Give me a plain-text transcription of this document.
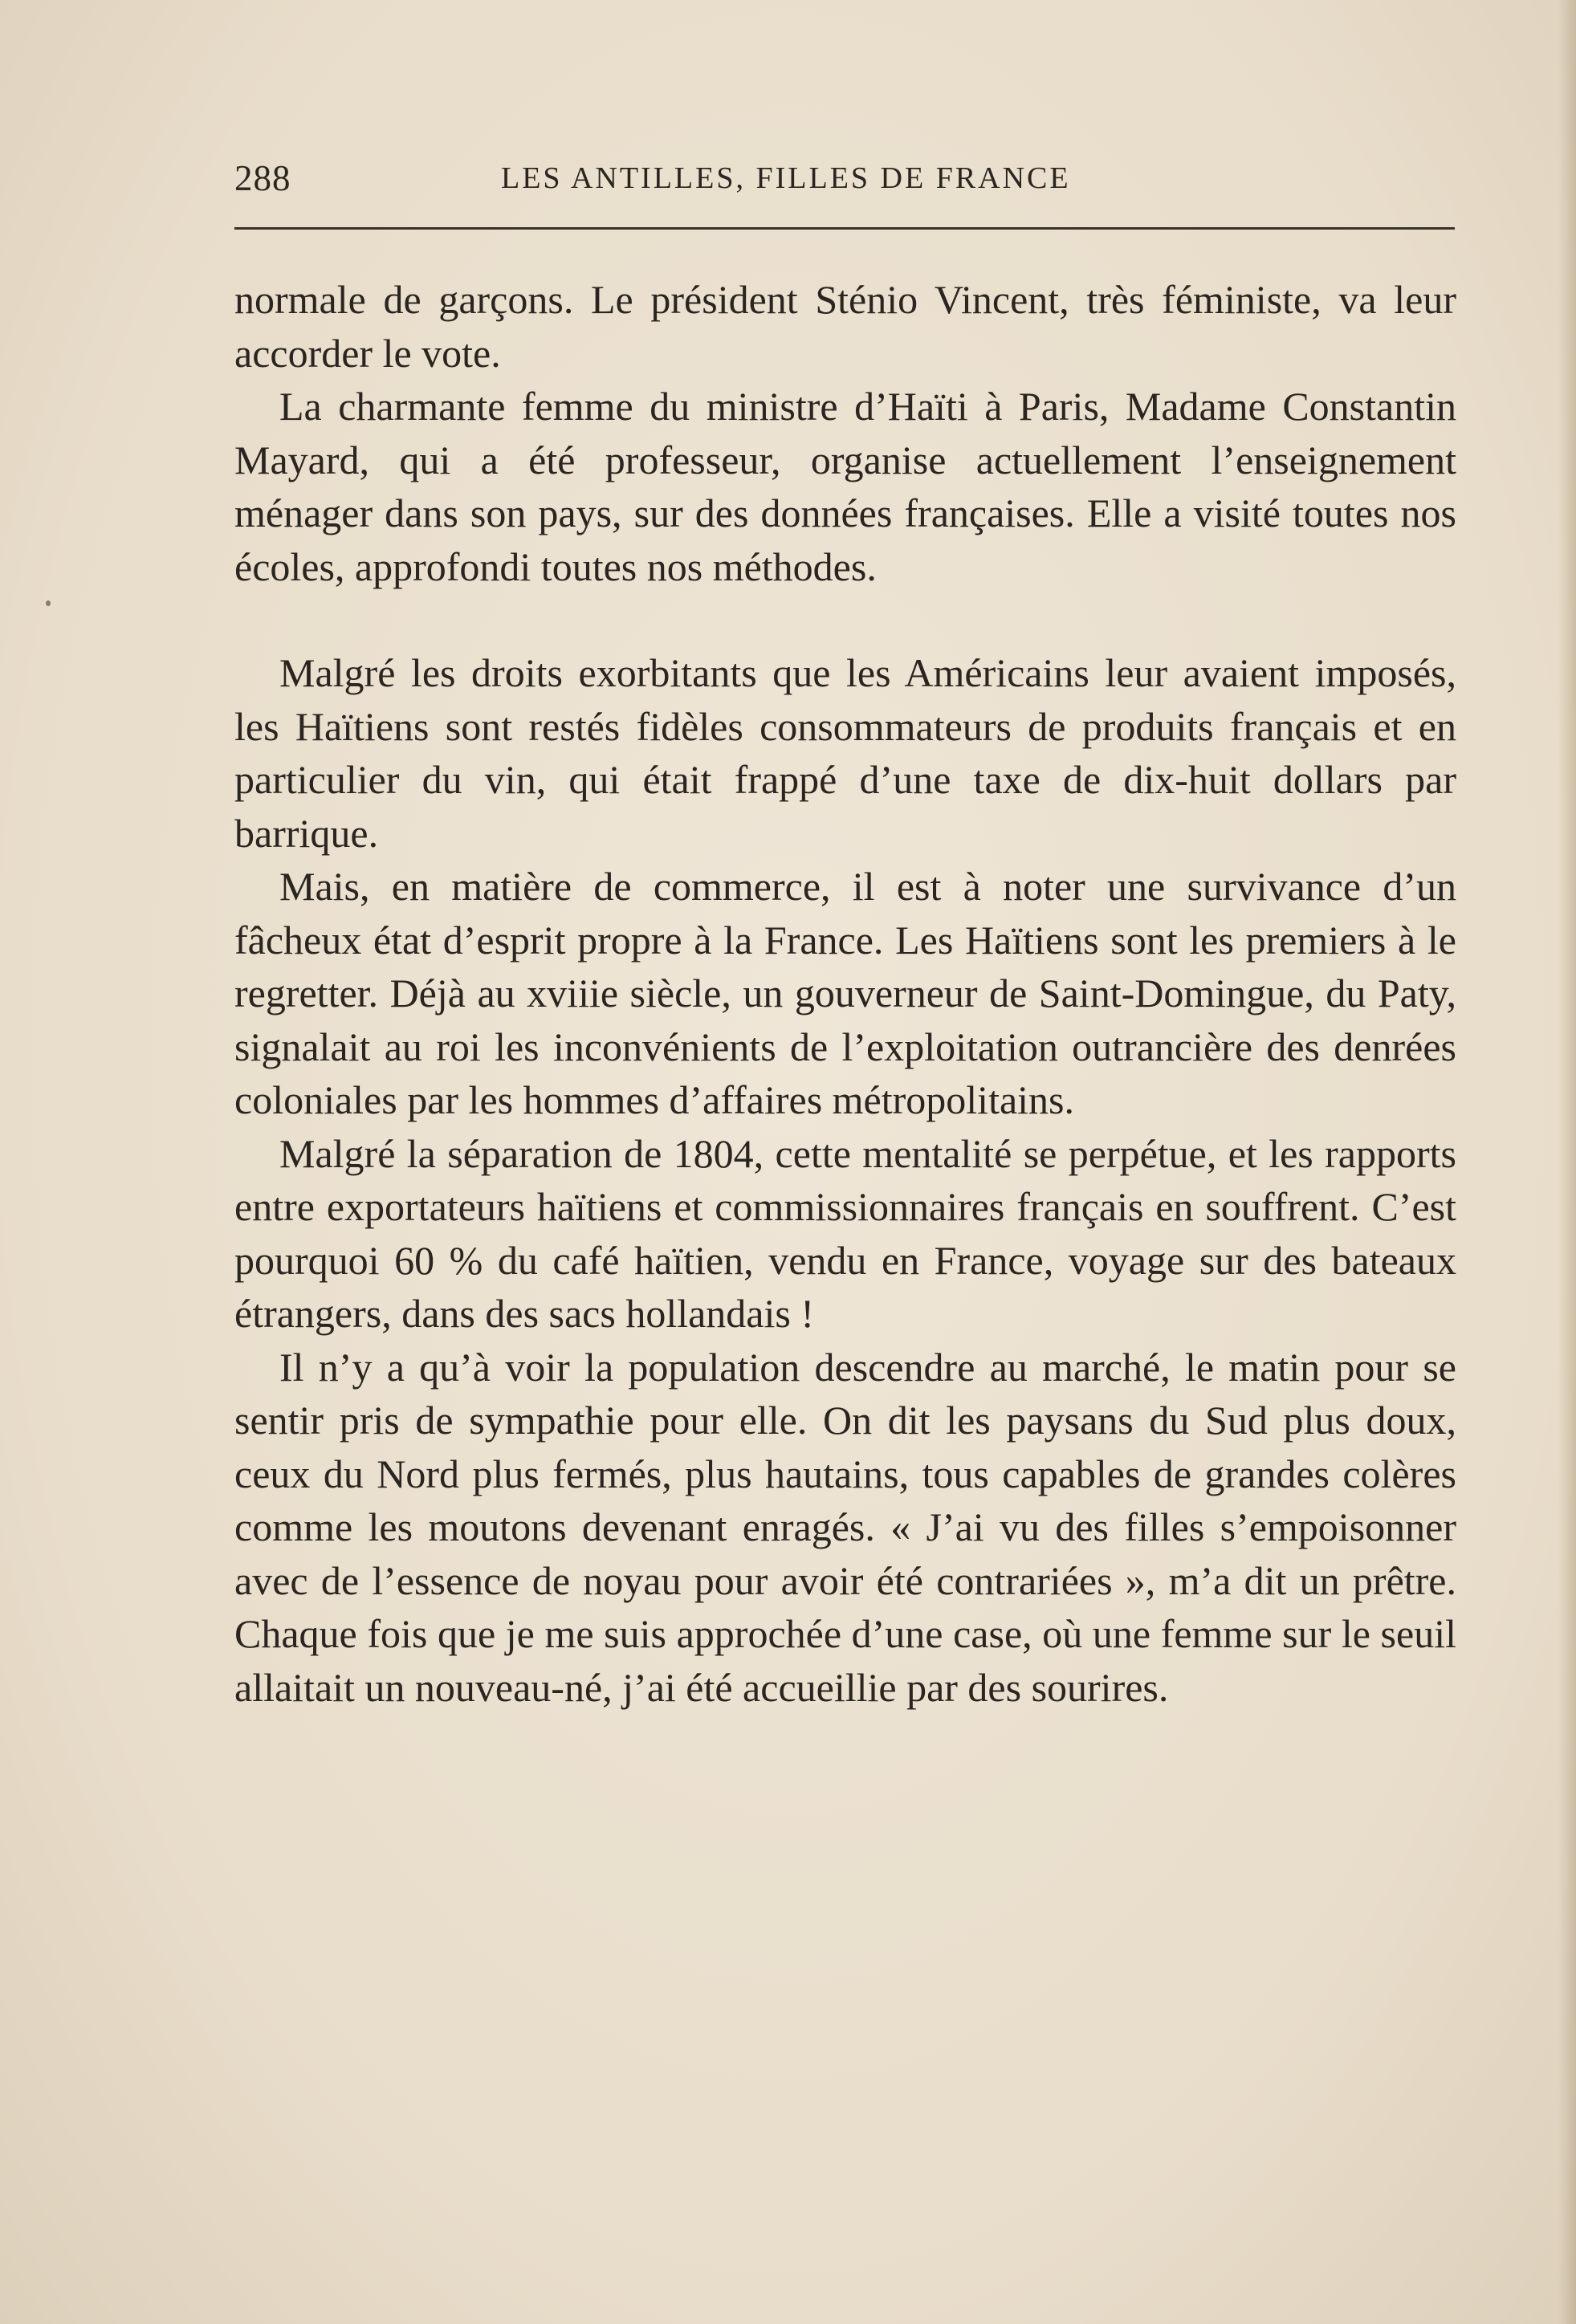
288	LES ANTILLES, FILLES DE FRANCE

normale de garçons. Le président Sténio Vincent, très féministe, va leur accorder le vote.

La charmante femme du ministre d’Haïti à Paris, Madame Constantin Mayard, qui a été professeur, organise actuellement l’enseignement ménager dans son pays, sur des données françaises. Elle a visité toutes nos écoles, approfondi toutes nos méthodes.

Malgré les droits exorbitants que les Américains leur avaient imposés, les Haïtiens sont restés fidèles consommateurs de produits français et en particulier du vin, qui était frappé d’une taxe de dix-huit dollars par barrique.

Mais, en matière de commerce, il est à noter une survivance d’un fâcheux état d’esprit propre à la France. Les Haïtiens sont les premiers à le regretter. Déjà au xviiie siècle, un gouverneur de Saint-Domingue, du Paty, signalait au roi les inconvénients de l’exploitation outrancière des denrées coloniales par les hommes d’affaires métropolitains.

Malgré la séparation de 1804, cette mentalité se perpétue, et les rapports entre exportateurs haïtiens et commissionnaires français en souffrent. C’est pourquoi 60 % du café haïtien, vendu en France, voyage sur des bateaux étrangers, dans des sacs hollandais !

Il n’y a qu’à voir la population descendre au marché, le matin pour se sentir pris de sympathie pour elle. On dit les paysans du Sud plus doux, ceux du Nord plus fermés, plus hautains, tous capables de grandes colères comme les moutons devenant enragés. « J’ai vu des filles s’empoisonner avec de l’essence de noyau pour avoir été contrariées », m’a dit un prêtre. Chaque fois que je me suis approchée d’une case, où une femme sur le seuil allaitait un nouveau-né, j’ai été accueillie par des sourires.
